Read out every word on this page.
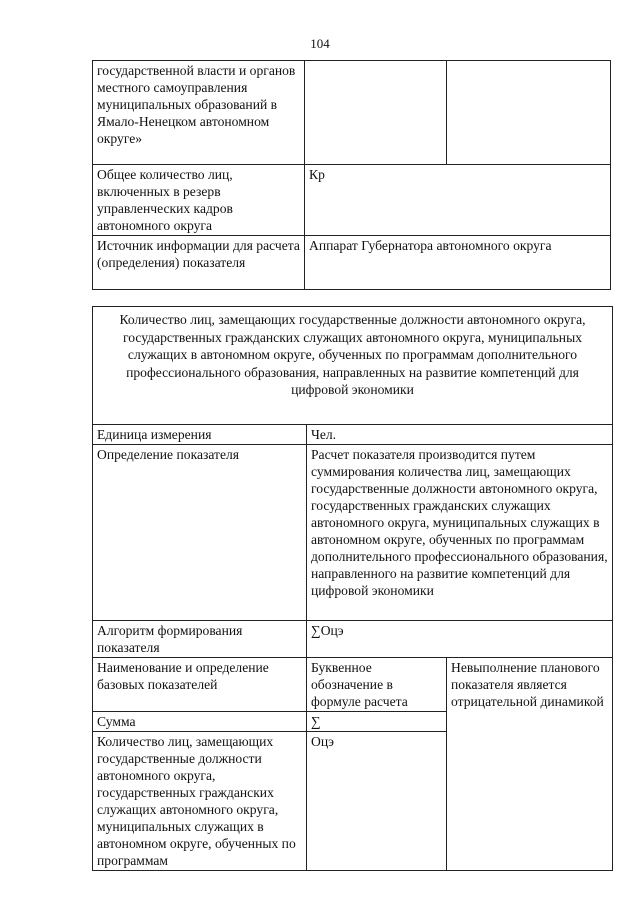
104
государственной власти и органов местного самоуправления муниципальных образований в Ямало-Ненецком автономном округе»		
Общее количество лиц, включенных в резерв управленческих кадров автономного округа	Кр	
Источник информации для расчета (определения) показателя	Аппарат Губернатора автономного округа	
Количество лиц, замещающих государственные должности автономного округа, государственных гражданских служащих автономного округа, муниципальных служащих в автономном округе, обученных по программам дополнительного профессионального образования, направленных на развитие компетенций для цифровой экономики		
Единица измерения	Чел.	
Определение показателя	Расчет показателя производится путем суммирования количества лиц, замещающих государственные должности автономного округа, государственных гражданских служащих автономного округа, муниципальных служащих в автономном округе, обученных по программам дополнительного профессионального образования, направленного на развитие компетенций для цифровой экономики	
Алгоритм формирования показателя	∑Оцэ	
Наименование и определение базовых показателей	Буквенное обозначение в формуле расчета	Невыполнение планового показателя является отрицательной динамикой
Сумма	∑	
Количество лиц, замещающих государственные должности автономного округа, государственных гражданских служащих автономного округа, муниципальных служащих в автономном округе, обученных по программам	Оцэ	
